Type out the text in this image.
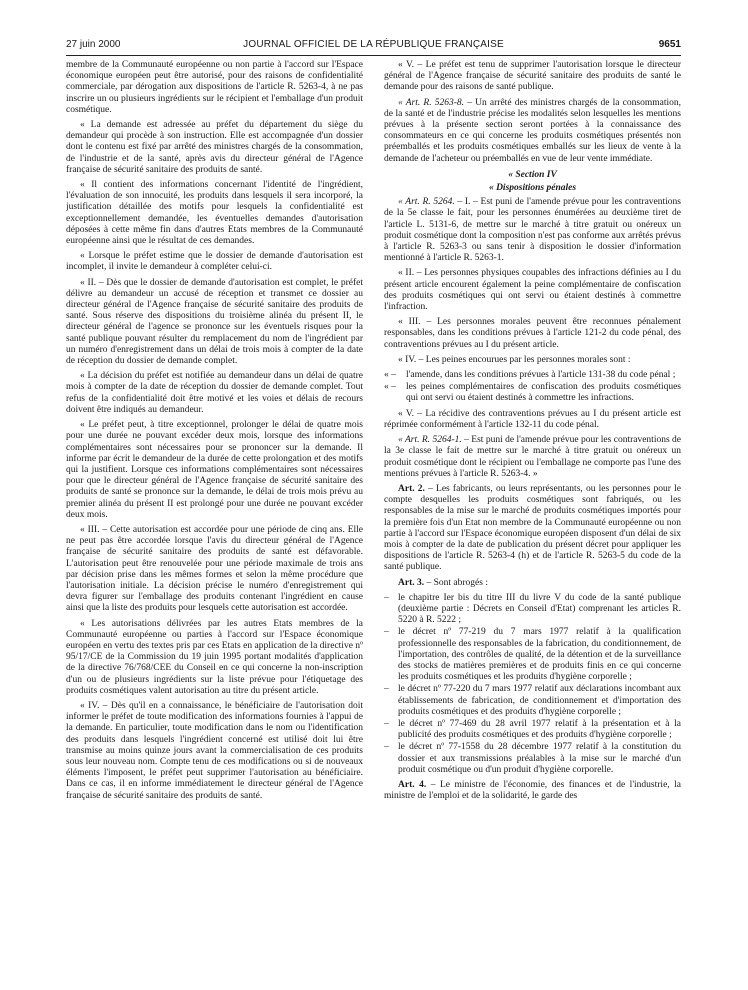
27 juin 2000	JOURNAL OFFICIEL DE LA RÉPUBLIQUE FRANÇAISE	9651

membre de la Communauté européenne ou non partie à l'accord sur l'Espace économique européen peut être autorisé, pour des raisons de confidentialité commerciale, par dérogation aux dispositions de l'article R. 5263-4, à ne pas inscrire un ou plusieurs ingrédients sur le récipient et l'emballage d'un produit cosmétique.

« La demande est adressée au préfet du département du siège du demandeur qui procède à son instruction. Elle est accompagnée d'un dossier dont le contenu est fixé par arrêté des ministres chargés de la consommation, de l'industrie et de la santé, après avis du directeur général de l'Agence française de sécurité sanitaire des produits de santé.

« Il contient des informations concernant l'identité de l'ingrédient, l'évaluation de son innocuité, les produits dans lesquels il sera incorporé, la justification détaillée des motifs pour lesquels la confidentialité est exceptionnellement demandée, les éventuelles demandes d'autorisation déposées à cette même fin dans d'autres Etats membres de la Communauté européenne ainsi que le résultat de ces demandes.

« Lorsque le préfet estime que le dossier de demande d'autorisation est incomplet, il invite le demandeur à compléter celui-ci.

« II. – Dès que le dossier de demande d'autorisation est complet, le préfet délivre au demandeur un accusé de réception et transmet ce dossier au directeur général de l'Agence française de sécurité sanitaire des produits de santé. Sous réserve des dispositions du troisième alinéa du présent II, le directeur général de l'agence se prononce sur les éventuels risques pour la santé publique pouvant résulter du remplacement du nom de l'ingrédient par un numéro d'enregistrement dans un délai de trois mois à compter de la date de réception du dossier de demande complet.

« La décision du préfet est notifiée au demandeur dans un délai de quatre mois à compter de la date de réception du dossier de demande complet. Tout refus de la confidentialité doit être motivé et les voies et délais de recours doivent être indiqués au demandeur.

« Le préfet peut, à titre exceptionnel, prolonger le délai de quatre mois pour une durée ne pouvant excéder deux mois, lorsque des informations complémentaires sont nécessaires pour se prononcer sur la demande. Il informe par écrit le demandeur de la durée de cette prolongation et des motifs qui la justifient. Lorsque ces informations complémentaires sont nécessaires pour que le directeur général de l'Agence française de sécurité sanitaire des produits de santé se prononce sur la demande, le délai de trois mois prévu au premier alinéa du présent II est prolongé pour une durée ne pouvant excéder deux mois.

« III. – Cette autorisation est accordée pour une période de cinq ans. Elle ne peut pas être accordée lorsque l'avis du directeur général de l'Agence française de sécurité sanitaire des produits de santé est défavorable. L'autorisation peut être renouvelée pour une période maximale de trois ans par décision prise dans les mêmes formes et selon la même procédure que l'autorisation initiale. La décision précise le numéro d'enregistrement qui devra figurer sur l'emballage des produits contenant l'ingrédient en cause ainsi que la liste des produits pour lesquels cette autorisation est accordée.

« Les autorisations délivrées par les autres Etats membres de la Communauté européenne ou parties à l'accord sur l'Espace économique européen en vertu des textes pris par ces Etats en application de la directive nº 95/17/CE de la Commission du 19 juin 1995 portant modalités d'application de la directive 76/768/CEE du Conseil en ce qui concerne la non-inscription d'un ou de plusieurs ingrédients sur la liste prévue pour l'étiquetage des produits cosmétiques valent autorisation au titre du présent article.

« IV. – Dès qu'il en a connaissance, le bénéficiaire de l'autorisation doit informer le préfet de toute modification des informations fournies à l'appui de la demande. En particulier, toute modification dans le nom ou l'identification des produits dans lesquels l'ingrédient concerné est utilisé doit lui être transmise au moins quinze jours avant la commercialisation de ces produits sous leur nouveau nom. Compte tenu de ces modifications ou si de nouveaux éléments l'imposent, le préfet peut supprimer l'autorisation au bénéficiaire. Dans ce cas, il en informe immédiatement le directeur général de l'Agence française de sécurité sanitaire des produits de santé.

« V. – Le préfet est tenu de supprimer l'autorisation lorsque le directeur général de l'Agence française de sécurité sanitaire des produits de santé le demande pour des raisons de santé publique.

« Art. R. 5263-8. – Un arrêté des ministres chargés de la consommation, de la santé et de l'industrie précise les modalités selon lesquelles les mentions prévues à la présente section seront portées à la connaissance des consommateurs en ce qui concerne les produits cosmétiques présentés non préemballés et les produits cosmétiques emballés sur les lieux de vente à la demande de l'acheteur ou préemballés en vue de leur vente immédiate.

« Section IV
« Dispositions pénales

« Art. R. 5264. – I. – Est puni de l'amende prévue pour les contraventions de la 5e classe le fait, pour les personnes énumérées au deuxième tiret de l'article L. 5131-6, de mettre sur le marché à titre gratuit ou onéreux un produit cosmétique dont la composition n'est pas conforme aux arrêtés prévus à l'article R. 5263-3 ou sans tenir à disposition le dossier d'information mentionné à l'article R. 5263-1.

« II. – Les personnes physiques coupables des infractions définies au I du présent article encourent également la peine complémentaire de confiscation des produits cosmétiques qui ont servi ou étaient destinés à commettre l'infraction.

« III. – Les personnes morales peuvent être reconnues pénalement responsables, dans les conditions prévues à l'article 121-2 du code pénal, des contraventions prévues au I du présent article.

« IV. – Les peines encourues par les personnes morales sont :

« – l'amende, dans les conditions prévues à l'article 131-38 du code pénal ;
« – les peines complémentaires de confiscation des produits cosmétiques qui ont servi ou étaient destinés à commettre les infractions.

« V. – La récidive des contraventions prévues au I du présent article est réprimée conformément à l'article 132-11 du code pénal.

« Art. R. 5264-1. – Est puni de l'amende prévue pour les contraventions de la 3e classe le fait de mettre sur le marché à titre gratuit ou onéreux un produit cosmétique dont le récipient ou l'emballage ne comporte pas l'une des mentions prévues à l'article R. 5263-4. »

Art. 2. – Les fabricants, ou leurs représentants, ou les personnes pour le compte desquelles les produits cosmétiques sont fabriqués, ou les responsables de la mise sur le marché de produits cosmétiques importés pour la première fois d'un Etat non membre de la Communauté européenne ou non partie à l'accord sur l'Espace économique européen disposent d'un délai de six mois à compter de la date de publication du présent décret pour appliquer les dispositions de l'article R. 5263-4 (h) et de l'article R. 5263-5 du code de la santé publique.

Art. 3. – Sont abrogés :

– le chapitre Ier bis du titre III du livre V du code de la santé publique (deuxième partie : Décrets en Conseil d'Etat) comprenant les articles R. 5220 à R. 5222 ;
– le décret nº 77-219 du 7 mars 1977 relatif à la qualification professionnelle des responsables de la fabrication, du conditionnement, de l'importation, des contrôles de qualité, de la détention et de la surveillance des stocks de matières premières et de produits finis en ce qui concerne les produits cosmétiques et les produits d'hygiène corporelle ;
– le décret nº 77-220 du 7 mars 1977 relatif aux déclarations incombant aux établissements de fabrication, de conditionnement et d'importation des produits cosmétiques et des produits d'hygiène corporelle ;
– le décret nº 77-469 du 28 avril 1977 relatif à la présentation et à la publicité des produits cosmétiques et des produits d'hygiène corporelle ;
– le décret nº 77-1558 du 28 décembre 1977 relatif à la constitution du dossier et aux transmissions préalables à la mise sur le marché d'un produit cosmétique ou d'un produit d'hygiène corporelle.

Art. 4. – Le ministre de l'économie, des finances et de l'industrie, la ministre de l'emploi et de la solidarité, le garde des
